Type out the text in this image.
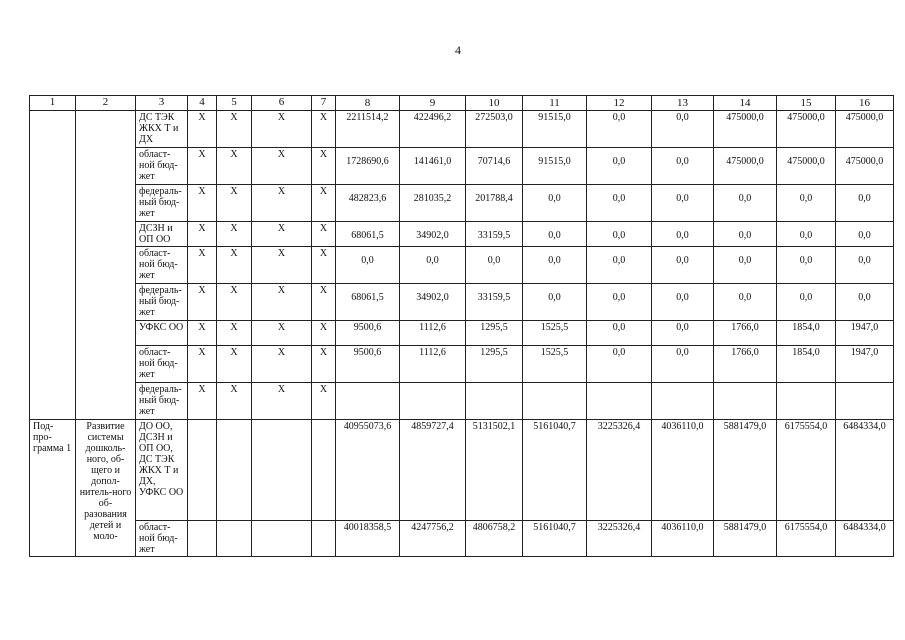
4
1	2	3	4	5	6	7	8	9	10	11	12	13	14	15	16
		ДС ТЭК ЖКХ Т и ДХ	Х	Х	Х	Х	2211514,2	422496,2	272503,0	91515,0	0,0	0,0	475000,0	475000,0	475000,0
		област-ной бюд-жет	Х	Х	Х	Х	1728690,6	141461,0	70714,6	91515,0	0,0	0,0	475000,0	475000,0	475000,0
		федераль-ный бюд-жет	Х	Х	Х	Х	482823,6	281035,2	201788,4	0,0	0,0	0,0	0,0	0,0	0,0
		ДСЗН и ОП ОО	Х	Х	Х	Х	68061,5	34902,0	33159,5	0,0	0,0	0,0	0,0	0,0	0,0
		област-ной бюд-жет	Х	Х	Х	Х	0,0	0,0	0,0	0,0	0,0	0,0	0,0	0,0	0,0
		федераль-ный бюд-жет	Х	Х	Х	Х	68061,5	34902,0	33159,5	0,0	0,0	0,0	0,0	0,0	0,0
		УФКС ОО	Х	Х	Х	Х	9500,6	1112,6	1295,5	1525,5	0,0	0,0	1766,0	1854,0	1947,0
		област-ной бюд-жет	Х	Х	Х	Х	9500,6	1112,6	1295,5	1525,5	0,0	0,0	1766,0	1854,0	1947,0
		федераль-ный бюд-жет	Х	Х	Х	Х									
Под-про-грамма 1	Развитие системы дошколь-ного, об-щего и допол-нитель-ного об-разования детей и моло-	ДО ОО, ДСЗН и ОП ОО, ДС ТЭК ЖКХ Т и ДХ, УФКС ОО					40955073,6	4859727,4	5131502,1	5161040,7	3225326,4	4036110,0	5881479,0	6175554,0	6484334,0
		област-ной бюд-жет					40018358,5	4247756,2	4806758,2	5161040,7	3225326,4	4036110,0	5881479,0	6175554,0	6484334,0
